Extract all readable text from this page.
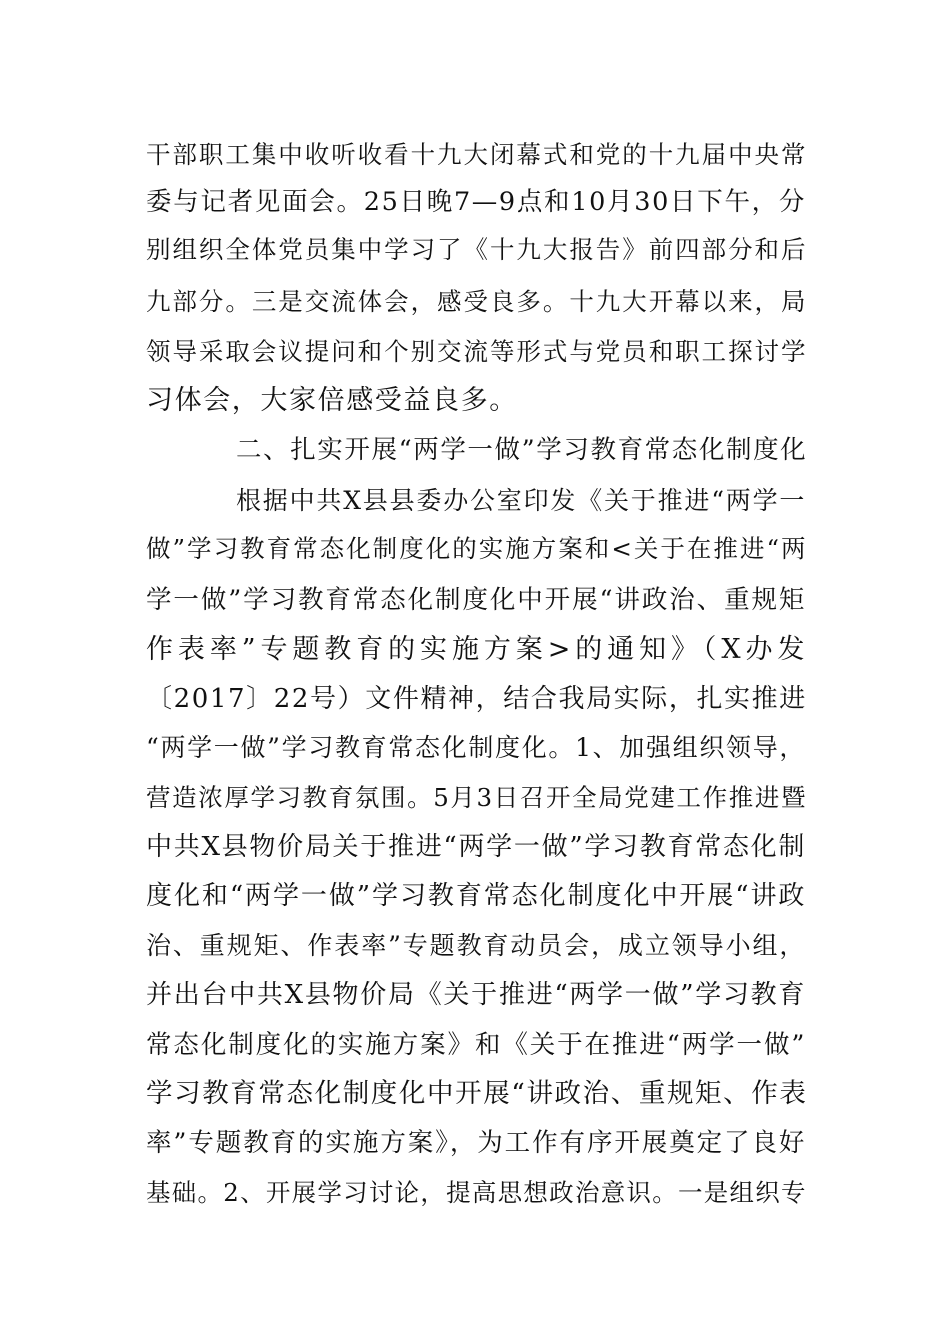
干部职工集中收听收看十九大闭幕式和党的十九届中央常
委与记者见面会。25日晚7—9点和10月30日下午，分
别组织全体党员集中学习了《十九大报告》前四部分和后
九部分。三是交流体会，感受良多。十九大开幕以来，局
领导采取会议提问和个别交流等形式与党员和职工探讨学
习体会，大家倍感受益良多。
二、扎实开展“两学一做”学习教育常态化制度化
根据中共X县县委办公室印发《关于推进“两学一
做”学习教育常态化制度化的实施方案和<关于在推进“两
学一做”学习教育常态化制度化中开展“讲政治、重规矩
作表率”专题教育的实施方案>的通知》（X办发
〔2017〕22号）文件精神，结合我局实际，扎实推进
“两学一做”学习教育常态化制度化。1、加强组织领导，
营造浓厚学习教育氛围。5月3日召开全局党建工作推进暨
中共X县物价局关于推进“两学一做”学习教育常态化制
度化和“两学一做”学习教育常态化制度化中开展“讲政
治、重规矩、作表率”专题教育动员会，成立领导小组，
并出台中共X县物价局《关于推进“两学一做”学习教育
常态化制度化的实施方案》和《关于在推进“两学一做”
学习教育常态化制度化中开展“讲政治、重规矩、作表
率”专题教育的实施方案》，为工作有序开展奠定了良好
基础。2、开展学习讨论，提高思想政治意识。一是组织专
